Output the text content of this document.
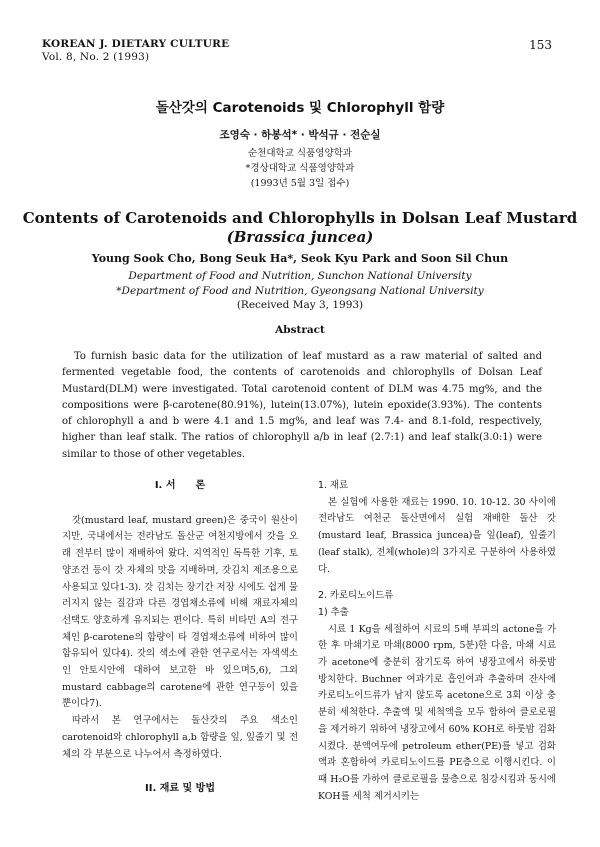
KOREAN J. DIETARY CULTURE
Vol. 8, No. 2 (1993)
153
돌산갓의 Carotenoids 및 Chlorophyll 함량
조영숙 · 하봉석* · 박석규 · 전순실
순천대학교 식품영양학과
*경상대학교 식품영양학과
(1993년 5월 3일 접수)
Contents of Carotenoids and Chlorophylls in Dolsan Leaf Mustard
(Brassica juncea)
Young Sook Cho, Bong Seuk Ha*, Seok Kyu Park and Soon Sil Chun
Department of Food and Nutrition, Sunchon National University
*Department of Food and Nutrition, Gyeongsang National University
(Received May 3, 1993)
Abstract

To furnish basic data for the utilization of leaf mustard as a raw material of salted and fermented vegetable food, the contents of carotenoids and chlorophylls of Dolsan Leaf Mustard(DLM) were investigated. Total carotenoid content of DLM was 4.75 mg%, and the compositions were β-carotene(80.91%), lutein(13.07%), lutein epoxide(3.93%). The contents of chlorophyll a and b were 4.1 and 1.5 mg%, and leaf was 7.4- and 8.1-fold, respectively, higher than leaf stalk. The ratios of chlorophyll a/b in leaf (2.7:1) and leaf stalk(3.0:1) were similar to those of other vegetables.

I. 서　　론

갓(mustard leaf, mustard green)은 중국이 원산이지만, 국내에서는 전라남도 돌산군 여천지방에서 갓을 오래 전부터 많이 재배하여 왔다. 지역적인 독특한 기후, 토양조건 등이 갓 자체의 맛을 지배하며, 갓김치 제조용으로 사용되고 있다1-3). 갓 김치는 장기간 저장 시에도 쉽게 물러지지 않는 질감과 다른 경엽채소류에 비해 재료자체의 선택도 양호하게 유지되는 편이다. 특히 비타민 A의 전구체인 β-carotene의 함량이 타 경엽채소류에 비하여 많이 함유되어 있다4). 갓의 색소에 관한 연구로서는 자색색소인 안토시안에 대하여 보고한 바 있으며5,6), 그외 mustard cabbage의 carotene에 관한 연구등이 있을 뿐이다7).

따라서 본 연구에서는 돌산갓의 주요 색소인 carotenoid와 chlorophyll a,b 함량을 잎, 잎줄기 및 전체의 각 부분으로 나누어서 측정하였다.

II. 재료 및 방법
1. 재료

본 실험에 사용한 재료는 1990. 10. 10-12. 30 사이에 전라남도 여천군 돌산면에서 실험 재배한 돌산 갓(mustard leaf, Brassica juncea)을 잎(leaf), 잎줄기(leaf stalk), 전체(whole)의 3가지로 구분하여 사용하였다.

2. 카로티노이드류
1) 추출

시료 1 Kg을 세절하여 시료의 5배 부피의 actone을 가한 후 마쇄기로 마쇄(8000 rpm, 5분)한 다음, 마쇄 시료가 acetone에 충분히 잠기도록 하여 냉장고에서 하룻밤 방치한다. Buchner 여과기로 흡인여과 추출하며 잔사에 카로티노이드류가 남지 않도록 acetone으로 3회 이상 충분히 세척한다. 추출액 및 세척액을 모두 합하여 클로로필을 제거하기 위하여 냉장고에서 60% KOH로 하룻밤 검화시켰다. 분액여두에 petroleum ether(PE)를 넣고 검화액과 혼합하여 카로티노이드를 PE층으로 이행시킨다. 이때 H₂O를 가하여 클로로필을 물층으로 침강시킴과 동시에 KOH를 세척 제거시키는
